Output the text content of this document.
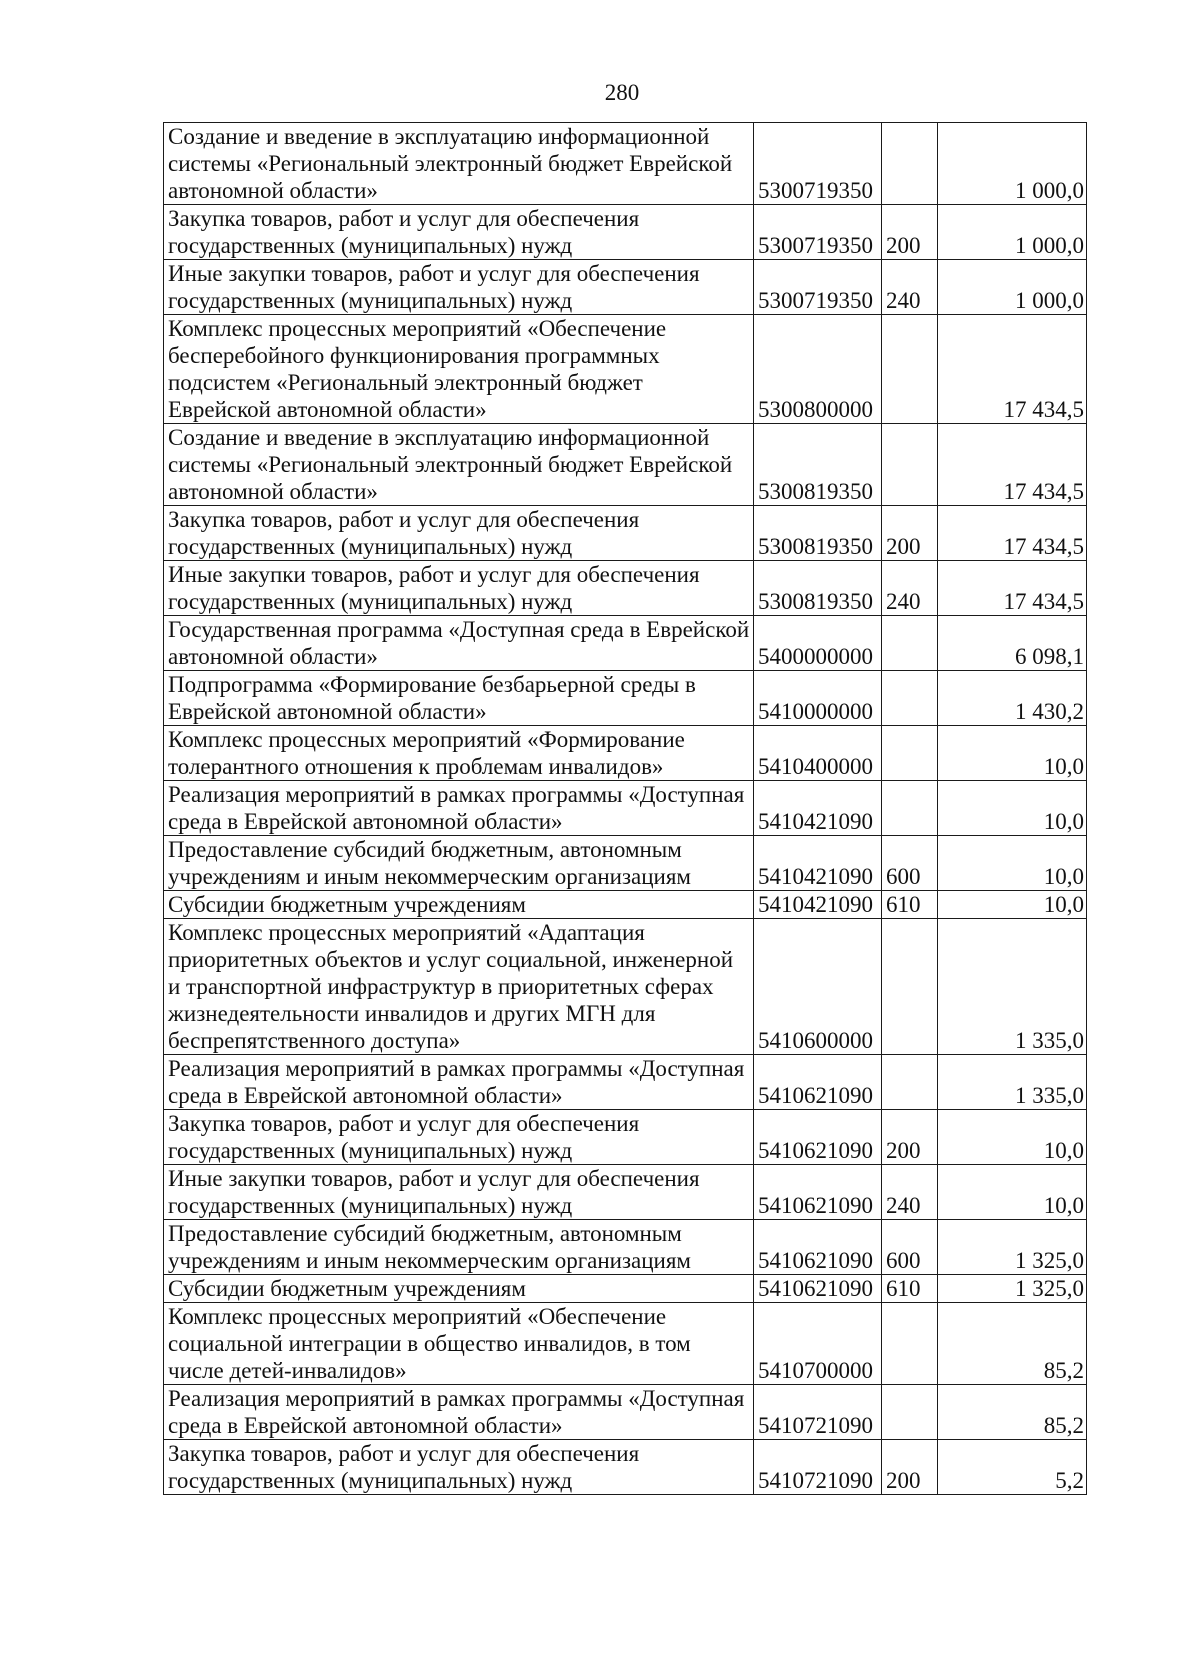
280
Создание и введение в эксплуатацию информационной системы «Региональный электронный бюджет Еврейской автономной области»	5300719350		1 000,0
Закупка товаров, работ и услуг для обеспечения государственных (муниципальных) нужд	5300719350	200	1 000,0
Иные закупки товаров, работ и услуг для обеспечения государственных (муниципальных) нужд	5300719350	240	1 000,0
Комплекс процессных мероприятий «Обеспечение бесперебойного функционирования программных подсистем «Региональный электронный бюджет Еврейской автономной области»	5300800000		17 434,5
Создание и введение в эксплуатацию информационной системы «Региональный электронный бюджет Еврейской автономной области»	5300819350		17 434,5
Закупка товаров, работ и услуг для обеспечения государственных (муниципальных) нужд	5300819350	200	17 434,5
Иные закупки товаров, работ и услуг для обеспечения государственных (муниципальных) нужд	5300819350	240	17 434,5
Государственная программа «Доступная среда в Еврейской автономной области»	5400000000		6 098,1
Подпрограмма «Формирование безбарьерной среды в Еврейской автономной области»	5410000000		1 430,2
Комплекс процессных мероприятий «Формирование толерантного отношения к проблемам инвалидов»	5410400000		10,0
Реализация мероприятий в рамках программы «Доступная среда в Еврейской автономной области»	5410421090		10,0
Предоставление субсидий бюджетным, автономным учреждениям и иным некоммерческим организациям	5410421090	600	10,0
Субсидии бюджетным учреждениям	5410421090	610	10,0
Комплекс процессных мероприятий «Адаптация приоритетных объектов и услуг социальной, инженерной и транспортной инфраструктур в приоритетных сферах жизнедеятельности инвалидов и других МГН для беспрепятственного доступа»	5410600000		1 335,0
Реализация мероприятий в рамках программы «Доступная среда в Еврейской автономной области»	5410621090		1 335,0
Закупка товаров, работ и услуг для обеспечения государственных (муниципальных) нужд	5410621090	200	10,0
Иные закупки товаров, работ и услуг для обеспечения государственных (муниципальных) нужд	5410621090	240	10,0
Предоставление субсидий бюджетным, автономным учреждениям и иным некоммерческим организациям	5410621090	600	1 325,0
Субсидии бюджетным учреждениям	5410621090	610	1 325,0
Комплекс процессных мероприятий «Обеспечение социальной интеграции в общество инвалидов, в том числе детей-инвалидов»	5410700000		85,2
Реализация мероприятий в рамках программы «Доступная среда в Еврейской автономной области»	5410721090		85,2
Закупка товаров, работ и услуг для обеспечения государственных (муниципальных) нужд	5410721090	200	5,2
